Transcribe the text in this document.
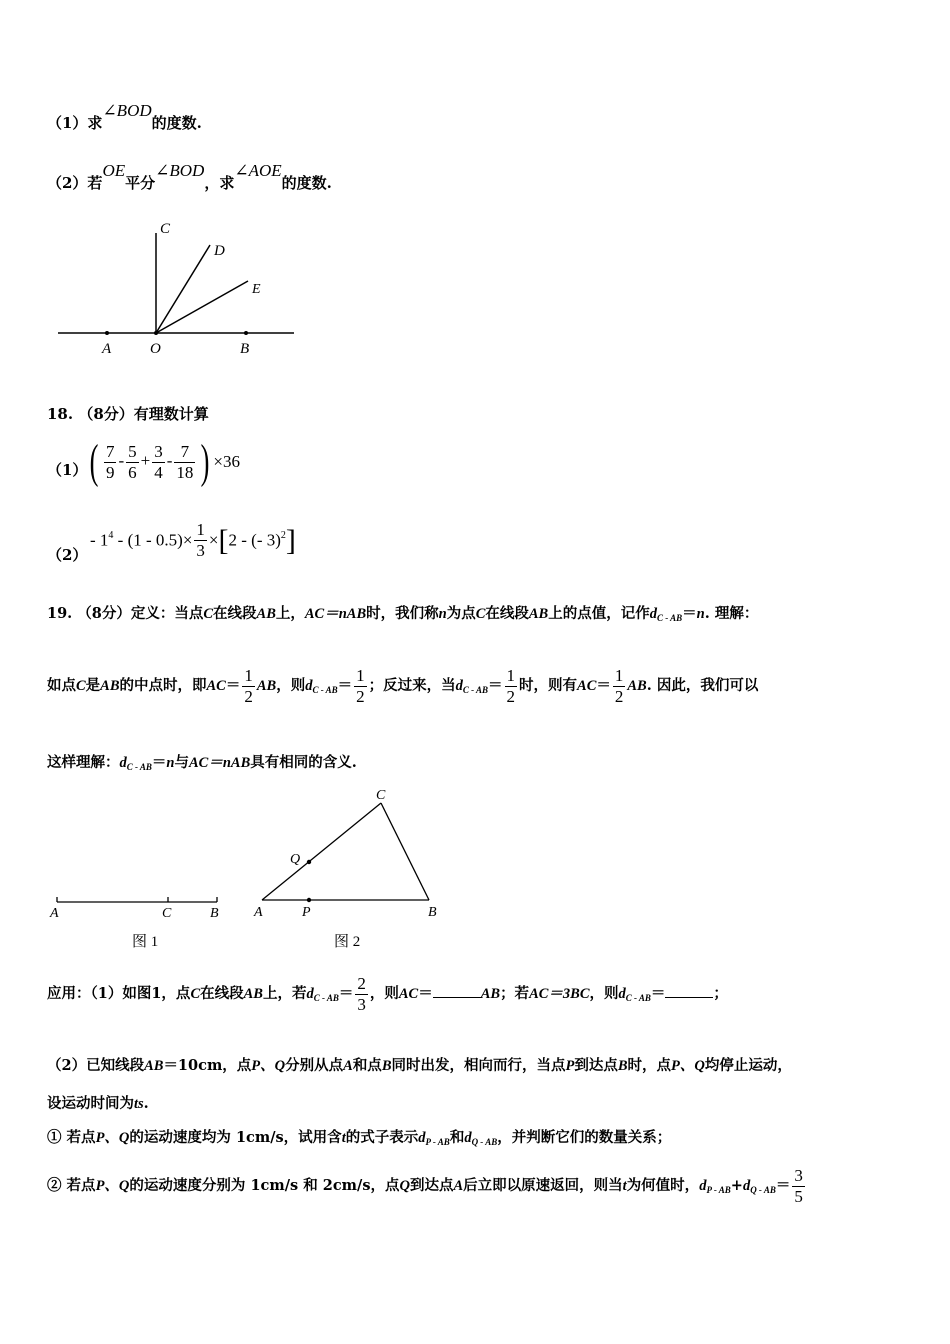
（1）求∠BOD的度数.
（2）若OE平分∠BOD，求∠AOE的度数.
C
D
E
A	O	B
18. （8分）有理数计算
（1） ( $\frac{7}{9} - \frac{5}{6} + \frac{3}{4} - \frac{7}{18}$ ) ×36
（2）
- $1^4 - (1 - 0.5)\times \frac{1}{3} \times[2$ - (- 3)$^2$]
19. （8分）定义：当点C在线段AB上，AC＝nAB时，我们称n为点C在线段AB上的点值，记作$d_{C - AB}=n$. 理解：
如点C是AB的中点时，即$AC= \frac{1}{2}$ AB，则$d_{C - AB}= \frac{1}{2}$ ；反过来，当$d_{C - AB}= \frac{1}{2}$ 时，则有$AC= \frac{1}{2}$ AB. 因此，我们可以
这样理解：$d_{C - AB}=n$与AC＝nAB具有相同的含义.
A	C	B
图 1
C
Q
A	P	B
图 2
应用：（1）如图1，点C在线段AB上，若$d_{C - AB}= \frac{2}{3}$ ，则AC＝	AB；若AC＝3BC，则$d_{C - AB}=$	；
（2）已知线段AB＝10cm，点P、Q分别从点A和点B同时出发，相向而行，当点P到达点B时，点P、Q均停止运动，
设运动时间为ts.
① 若点P、Q的运动速度均为 1cm/s，试用含t的式子表示$d_{P - AB}$和$d_{Q - AB}$，并判断它们的数量关系；
② 若点P、Q的运动速度分别为 1cm/s 和 2cm/s，点Q到达点A后立即以原速返回，则当t为何值时，$d_{P - AB}+d_{Q - AB}= \frac{3}{5}$
